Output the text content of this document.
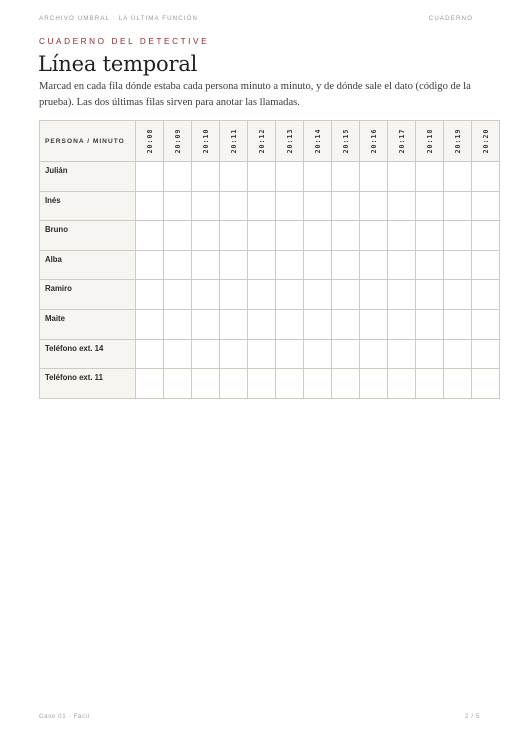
ARCHIVO UMBRAL · LA ÚLTIMA FUNCIÓN	CUADERNO
CUADERNO DEL DETECTIVE
Línea temporal

Marcad en cada fila dónde estaba cada persona minuto a minuto, y de dónde sale el dato (código de la prueba). Las dos últimas filas sirven para anotar las llamadas.

PERSONA / MINUTO	20:08	20:09	20:10	20:11	20:12	20:13	20:14	20:15	20:16	20:17	20:18	20:19	20:20

Julián													
Inés													
Bruno													
Alba													
Ramiro													
Maite													
Teléfono ext. 14													
Teléfono ext. 11													
Caso 01 · Fácil	2 / 5
